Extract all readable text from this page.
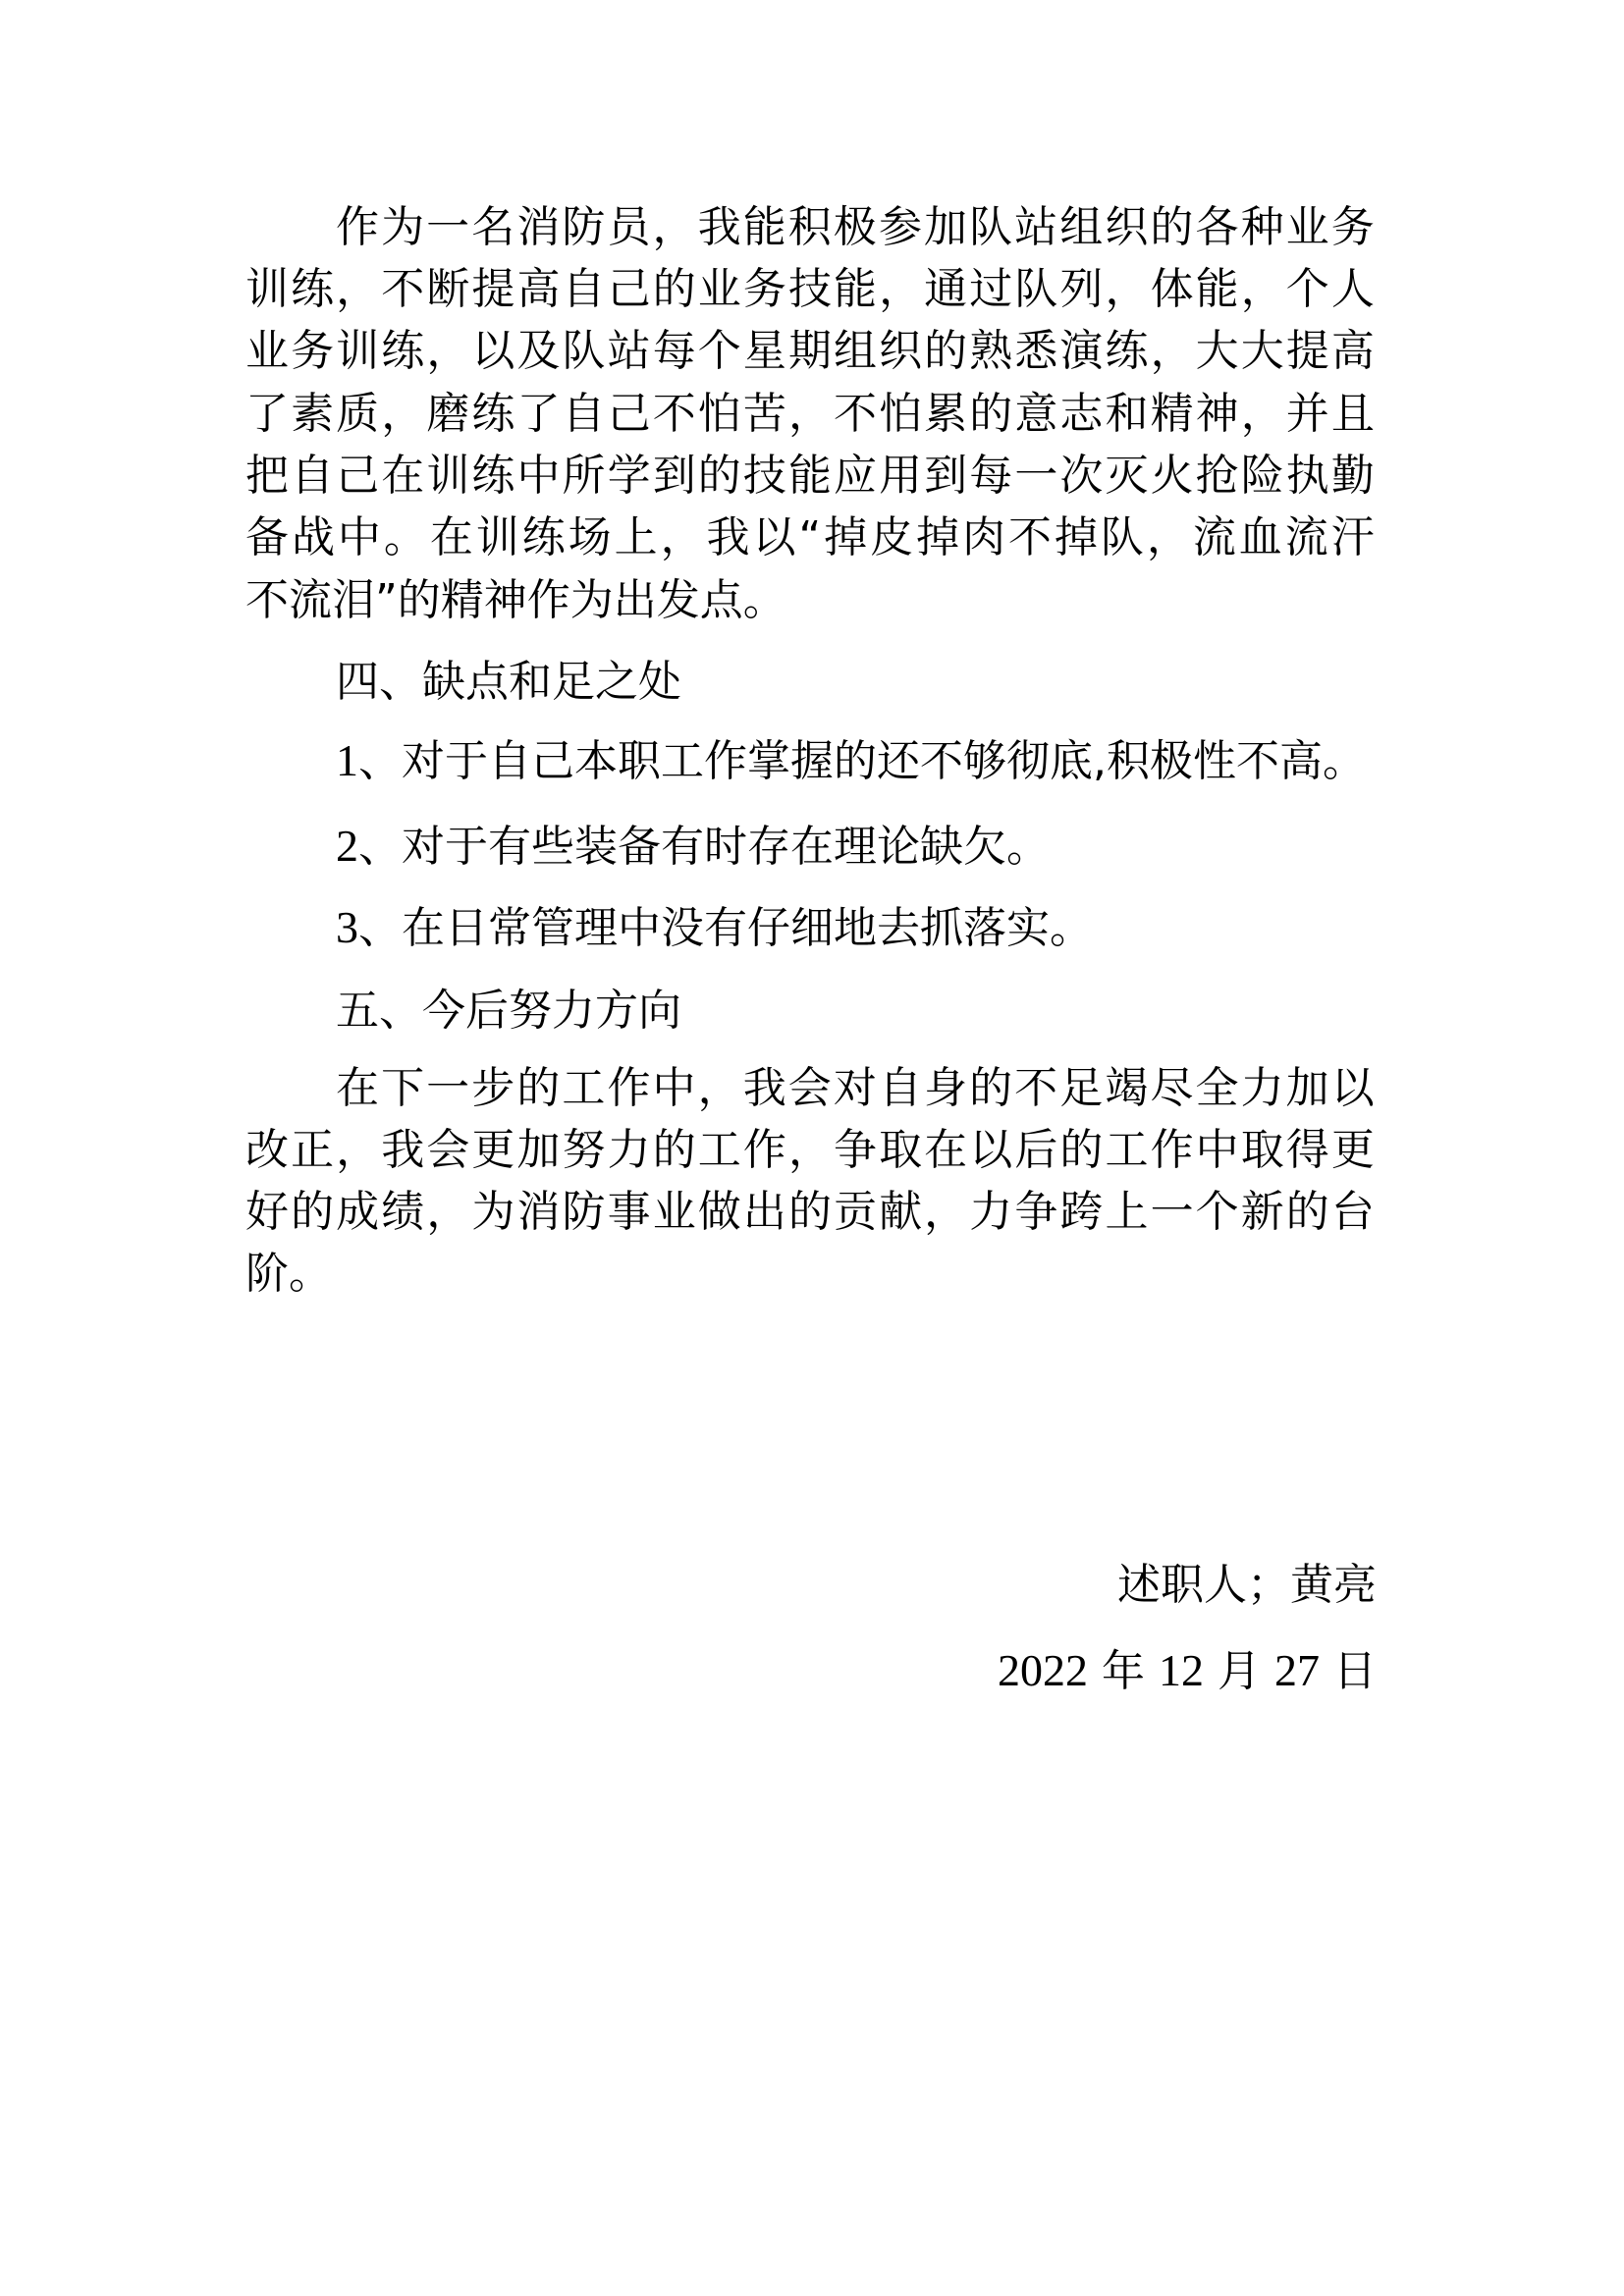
作 为 一 名 消 防 员 ， 我 能 积 极 参 加 队 站 组 织 的 各 种 业 务
训 练 ， 不 断 提 高 自 己 的 业 务 技 能 ， 通 过 队 列 ， 体 能 ， 个 人
业 务 训 练 ， 以 及 队 站 每 个 星 期 组 织 的 熟 悉 演 练 ， 大 大 提 高
了 素 质 ， 磨 练 了 自 己 不 怕 苦 ， 不 怕 累 的 意 志 和 精 神 ， 并 且
把 自 己 在 训 练 中 所 学 到 的 技 能 应 用 到 每 一 次 灭 火 抢 险 执 勤
备 战 中 。 在 训 练 场 上 ， 我 以 “ 掉 皮 掉 肉 不 掉 队 ， 流 血 流 汗
不流泪”的精神作为出发点。
四、缺点和足之处
1、对于自己本职工作掌握的还不够彻底,积极性不高。
2、对于有些装备有时存在理论缺欠。
3、在日常管理中没有仔细地去抓落实。
五、今后努力方向
在 下 一 步 的 工 作 中 ， 我 会 对 自 身 的 不 足 竭 尽 全 力 加 以
改 正 ， 我 会 更 加 努 力 的 工 作 ， 争 取 在 以 后 的 工 作 中 取 得 更
好 的 成 绩 ， 为 消 防 事 业 做 出 的 贡 献 ， 力 争 跨 上 一 个 新 的 台
阶。
述职人；黄亮
2022 年 12 月 27 日
